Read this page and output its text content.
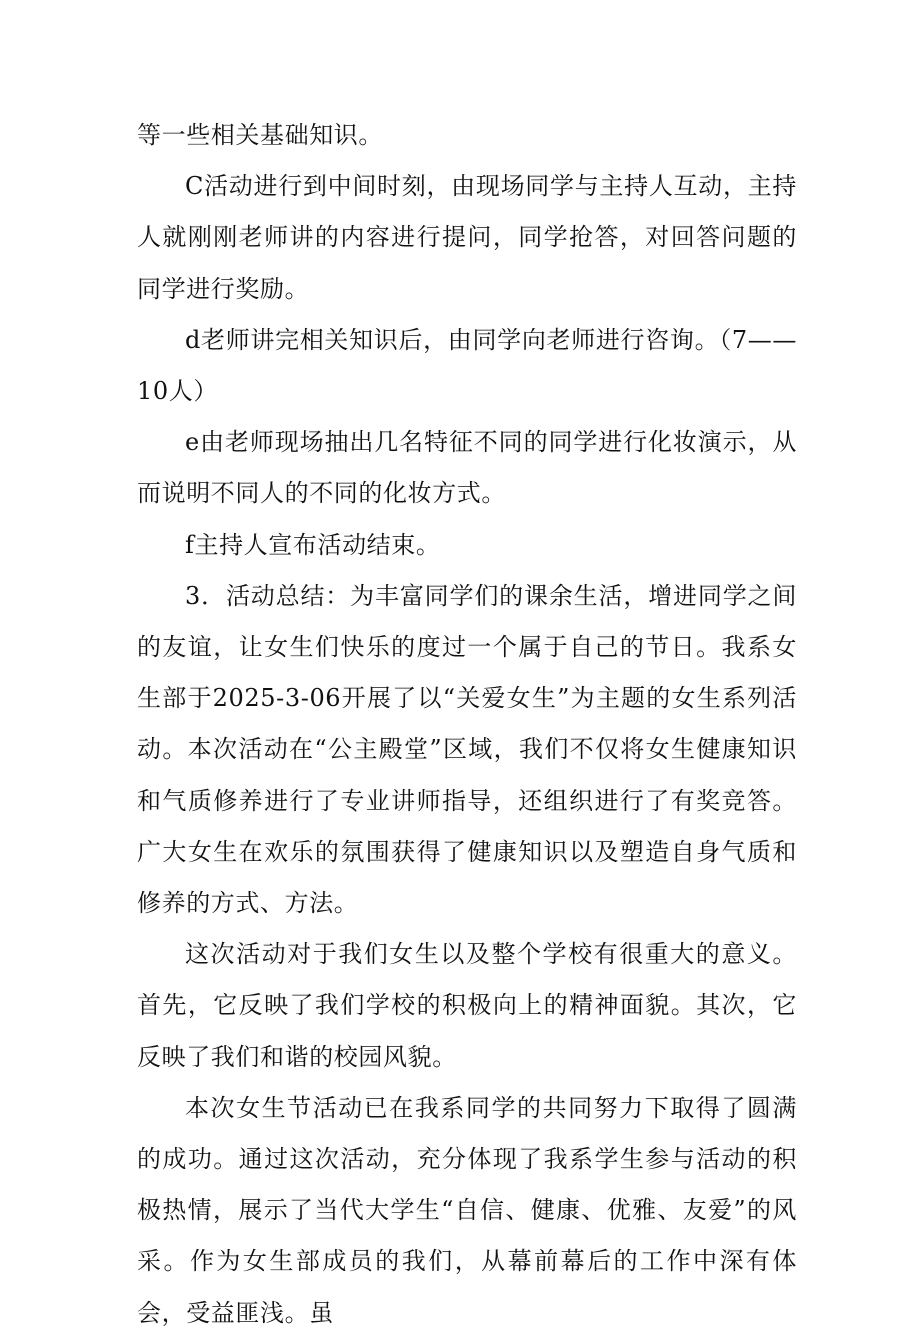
等一些相关基础知识。

C活动进行到中间时刻，由现场同学与主持人互动，主持人就刚刚老师讲的内容进行提问，同学抢答，对回答问题的同学进行奖励。

d老师讲完相关知识后，由同学向老师进行咨询。（7——10人）

e由老师现场抽出几名特征不同的同学进行化妆演示，从而说明不同人的不同的化妆方式。

f主持人宣布活动结束。

3．活动总结：为丰富同学们的课余生活，增进同学之间的友谊，让女生们快乐的度过一个属于自己的节日。我系女生部于2025-3-06开展了以“关爱女生”为主题的女生系列活动。本次活动在“公主殿堂”区域，我们不仅将女生健康知识和气质修养进行了专业讲师指导，还组织进行了有奖竞答。广大女生在欢乐的氛围获得了健康知识以及塑造自身气质和修养的方式、方法。

这次活动对于我们女生以及整个学校有很重大的意义。首先，它反映了我们学校的积极向上的精神面貌。其次，它反映了我们和谐的校园风貌。

本次女生节活动已在我系同学的共同努力下取得了圆满的成功。通过这次活动，充分体现了我系学生参与活动的积极热情，展示了当代大学生“自信、健康、优雅、友爱”的风采。作为女生部成员的我们，从幕前幕后的工作中深有体会，受益匪浅。虽
